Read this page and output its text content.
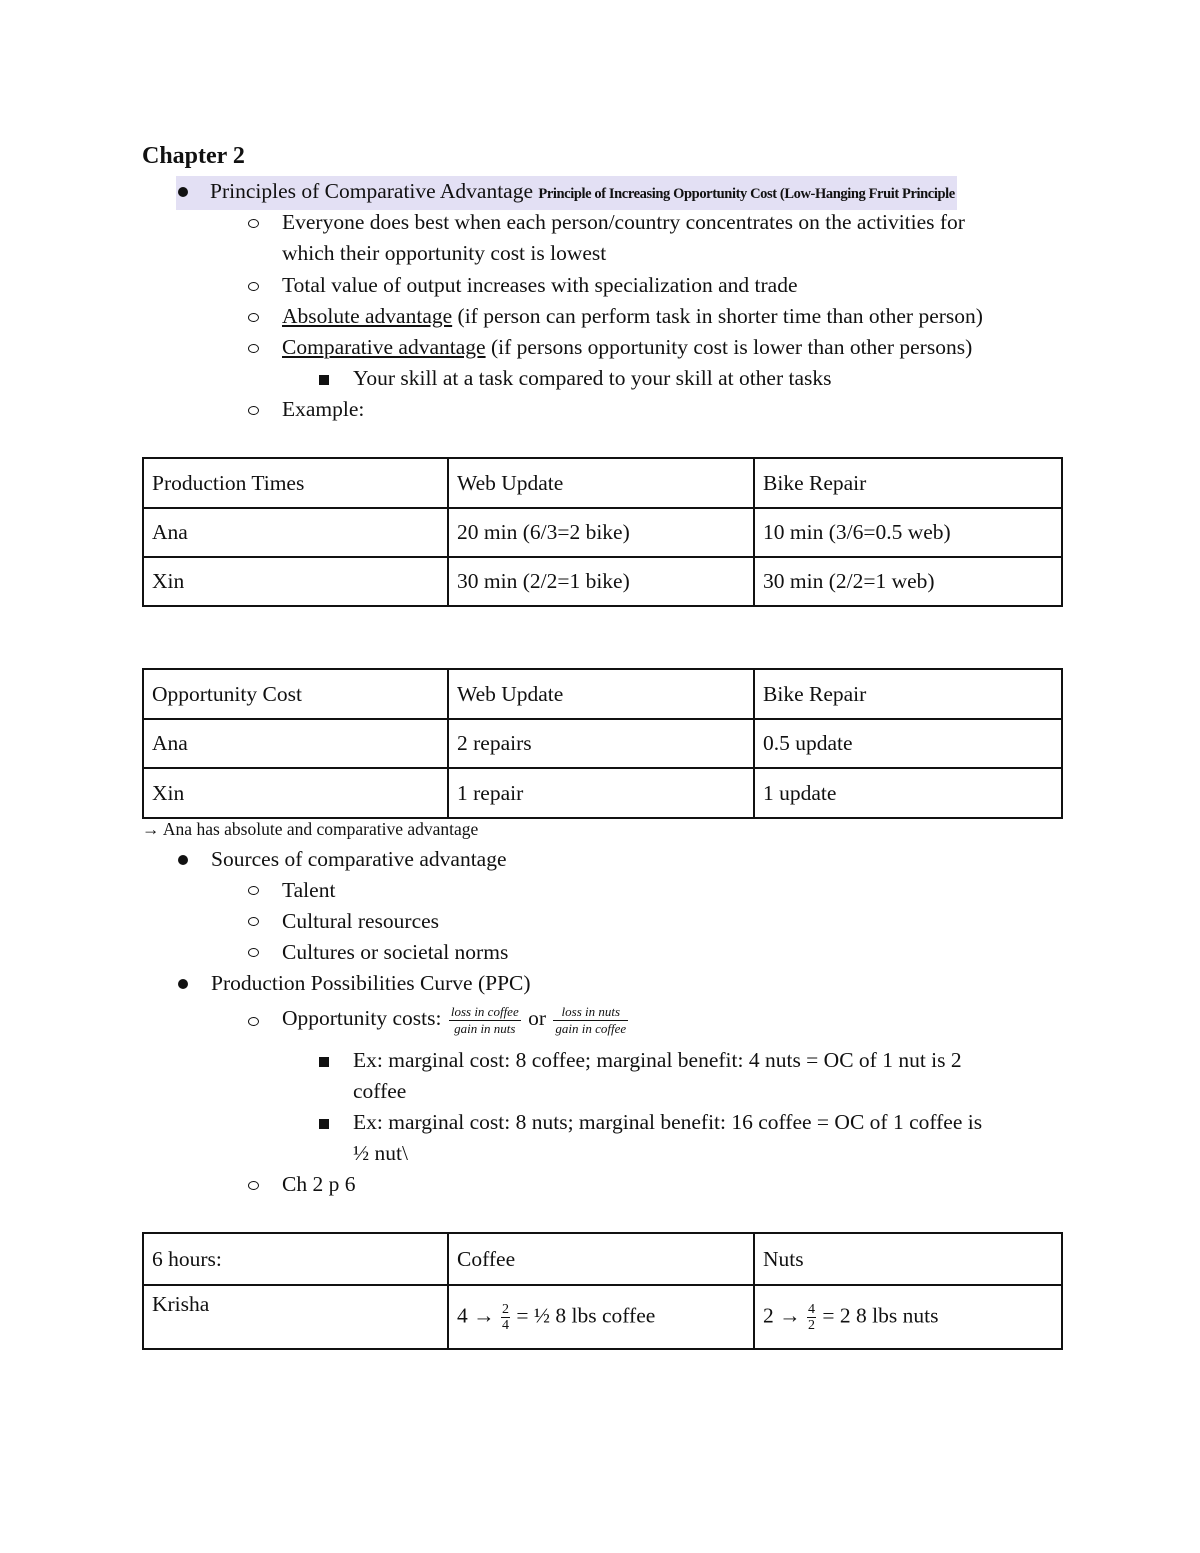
Chapter 2
Principles of Comparative Advantage Principle of Increasing Opportunity Cost (Low-Hanging Fruit Principle
Everyone does best when each person/country concentrates on the activities for
which their opportunity cost is lowest
Total value of output increases with specialization and trade
Absolute advantage (if person can perform task in shorter time than other person)
Comparative advantage (if persons opportunity cost is lower than other persons)
Your skill at a task compared to your skill at other tasks
Example:
Production Times	Web Update	Bike Repair
Ana	20 min (6/3=2 bike)	10 min (3/6=0.5 web)
Xin	30 min (2/2=1 bike)	30 min (2/2=1 web)
Opportunity Cost	Web Update	Bike Repair
Ana	2 repairs	0.5 update
Xin	1 repair	1 update
→ Ana has absolute and comparative advantage
Sources of comparative advantage
Talent
Cultural resources
Cultures or societal norms
Production Possibilities Curve (PPC)
Opportunity costs: $\frac{\text{loss in coffee}}{\text{gain in nuts}}$ or $\frac{\text{loss in nuts}}{\text{gain in coffee}}$
Ex: marginal cost: 8 coffee; marginal benefit: 4 nuts = OC of 1 nut is 2
coffee
Ex: marginal cost: 8 nuts; marginal benefit: 16 coffee = OC of 1 coffee is
½ nut\
Ch 2 p 6
6 hours:	Coffee	Nuts
Krisha	$4 \to \frac{2}{4}$ = ½ 8 lbs coffee	$2 \to \frac{4}{2} = 2$ 8 lbs nuts
